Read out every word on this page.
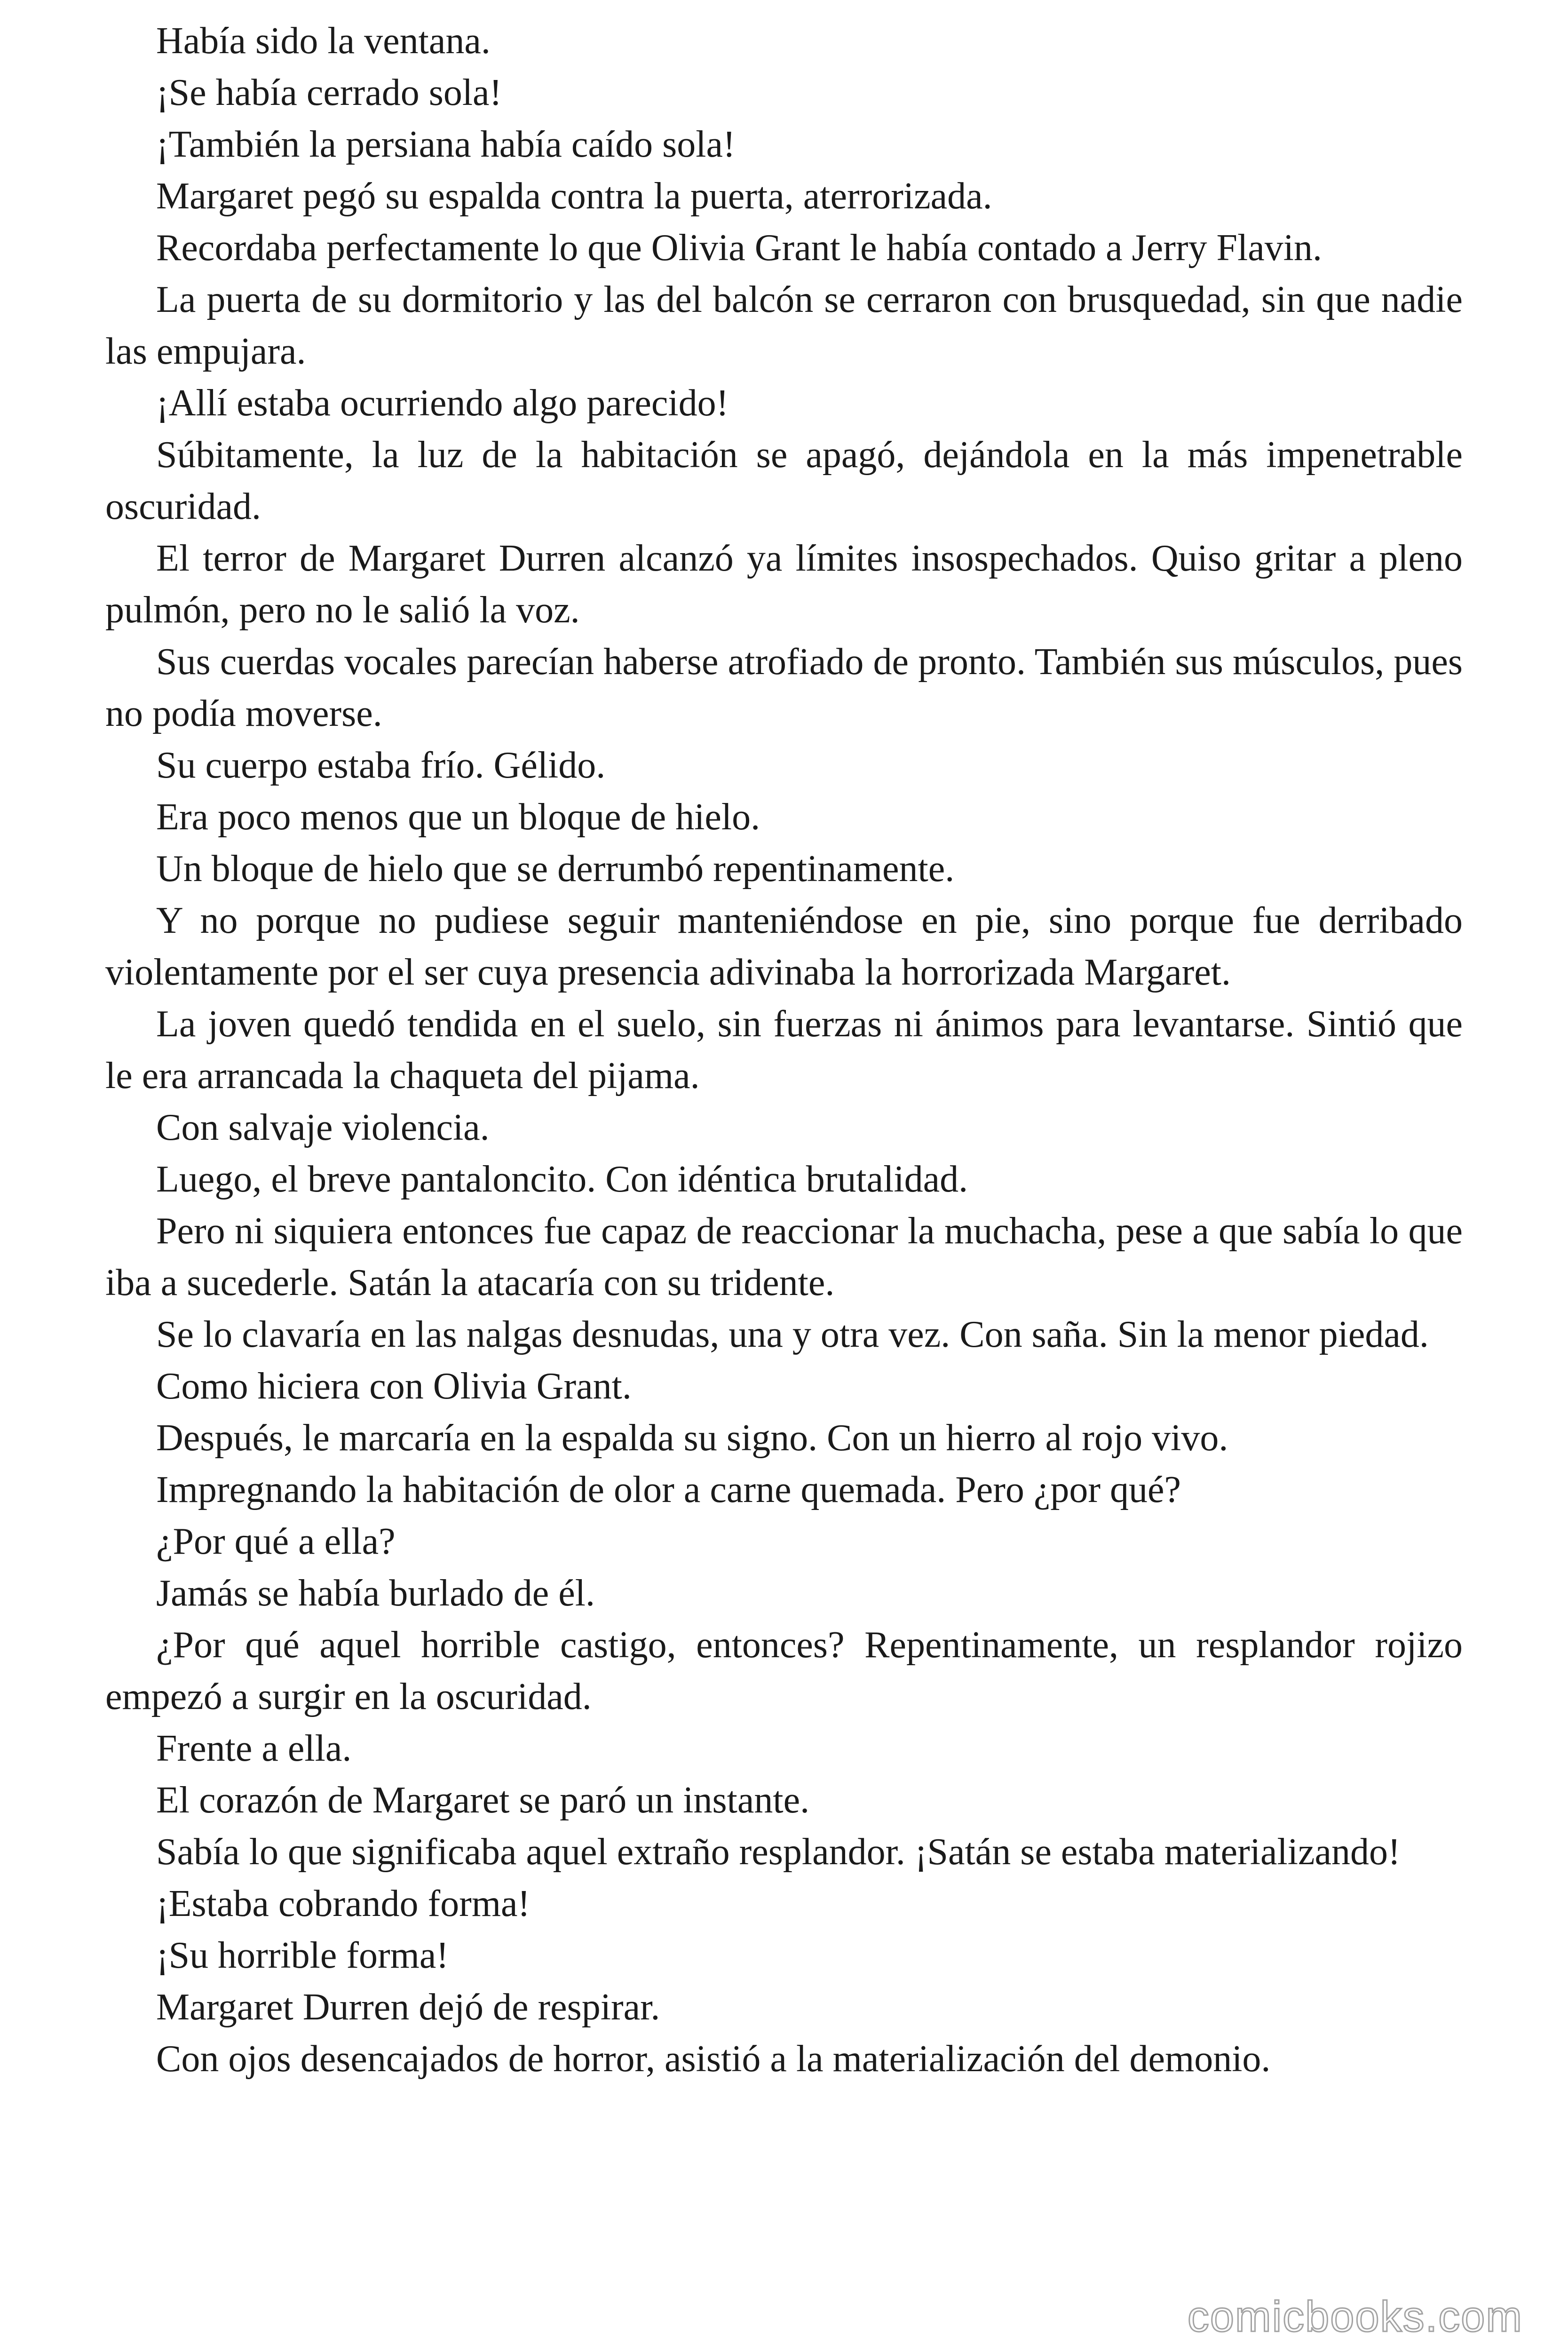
Había sido la ventana.

¡Se había cerrado sola!

¡También la persiana había caído sola!

Margaret pegó su espalda contra la puerta, aterrorizada.

Recordaba perfectamente lo que Olivia Grant le había contado a Jerry Flavin.

La puerta de su dormitorio y las del balcón se cerraron con brusquedad, sin que nadie las empujara.

¡Allí estaba ocurriendo algo parecido!

Súbitamente, la luz de la habitación se apagó, dejándola en la más impenetrable oscuridad.

El terror de Margaret Durren alcanzó ya límites insospechados. Quiso gritar a pleno pulmón, pero no le salió la voz.

Sus cuerdas vocales parecían haberse atrofiado de pronto. También sus músculos, pues no podía moverse.

Su cuerpo estaba frío. Gélido.

Era poco menos que un bloque de hielo.

Un bloque de hielo que se derrumbó repentinamente.

Y no porque no pudiese seguir manteniéndose en pie, sino porque fue derribado violentamente por el ser cuya presencia adivinaba la horrorizada Margaret.

La joven quedó tendida en el suelo, sin fuerzas ni ánimos para levantarse. Sintió que le era arrancada la chaqueta del pijama.

Con salvaje violencia.

Luego, el breve pantaloncito. Con idéntica brutalidad.

Pero ni siquiera entonces fue capaz de reaccionar la muchacha, pese a que sabía lo que iba a sucederle. Satán la atacaría con su tridente.

Se lo clavaría en las nalgas desnudas, una y otra vez. Con saña. Sin la menor piedad.

Como hiciera con Olivia Grant.

Después, le marcaría en la espalda su signo. Con un hierro al rojo vivo.

Impregnando la habitación de olor a carne quemada. Pero ¿por qué?

¿Por qué a ella?

Jamás se había burlado de él.

¿Por qué aquel horrible castigo, entonces? Repentinamente, un resplandor rojizo empezó a surgir en la oscuridad.

Frente a ella.

El corazón de Margaret se paró un instante.

Sabía lo que significaba aquel extraño resplandor. ¡Satán se estaba materializando!

¡Estaba cobrando forma!

¡Su horrible forma!

Margaret Durren dejó de respirar.

Con ojos desencajados de horror, asistió a la materialización del demonio.

comicbooks.com
